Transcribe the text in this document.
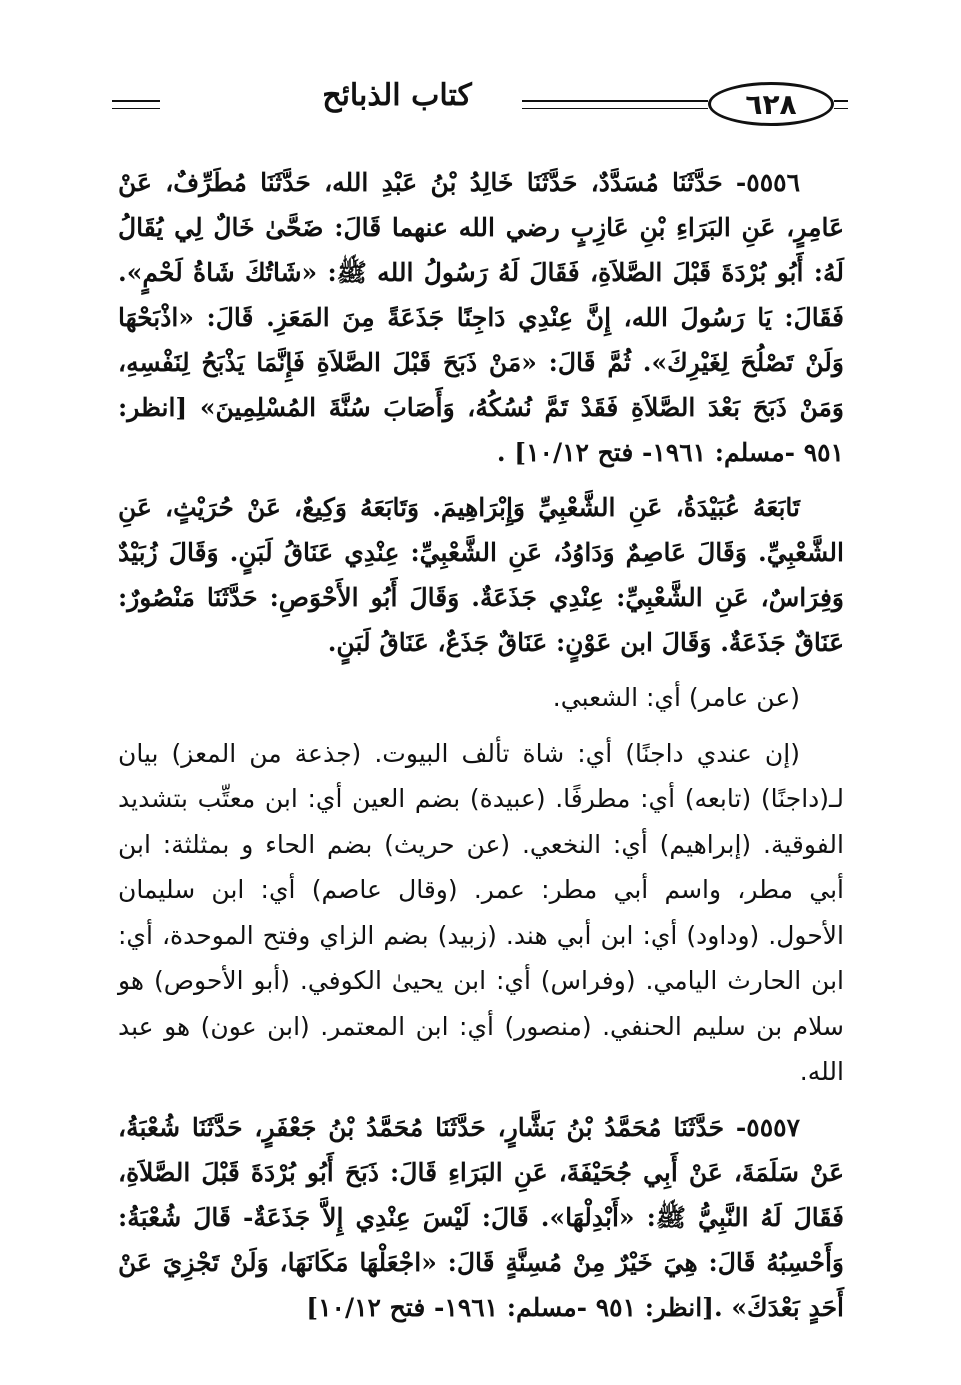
كتاب الذبائح	٦٢٨

٥٥٥٦- حَدَّثَنَا مُسَدَّدٌ، حَدَّثَنَا خَالِدُ بْنُ عَبْدِ الله، حَدَّثَنَا مُطَرِّفٌ، عَنْ عَامِرٍ، عَنِ البَرَاءِ بْنِ عَازِبٍ رضي الله عنهما قَالَ: ضَحَّىٰ خَالٌ لِي يُقَالُ لَهُ: أَبُو بُرْدَةَ قَبْلَ الصَّلاَةِ، فَقَالَ لَهُ رَسُولُ الله ﷺ: «شَاتُكَ شَاةُ لَحْمٍ». فَقَالَ: يَا رَسُولَ الله، إِنَّ عِنْدِي دَاجِنًا جَذَعَةً مِنَ المَعَزِ. قَالَ: «اذْبَحْهَا وَلَنْ تَصْلُحَ لِغَيْرِكَ». ثُمَّ قَالَ: «مَنْ ذَبَحَ قَبْلَ الصَّلاَةِ فَإِنَّمَا يَذْبَحُ لِنَفْسِهِ، وَمَنْ ذَبَحَ بَعْدَ الصَّلاَةِ فَقَدْ تَمَّ نُسُكُهُ، وَأَصَابَ سُنَّةَ المُسْلِمِينَ» [انظر: ٩٥١ -مسلم: ١٩٦١- فتح ١٠/١٢] .

تَابَعَهُ عُبَيْدَةُ، عَنِ الشَّعْبِيِّ وَإِبْرَاهِيمَ. وَتَابَعَهُ وَكِيعٌ، عَنْ حُرَيْثٍ، عَنِ الشَّعْبِيِّ. وَقَالَ عَاصِمٌ وَدَاوُدُ، عَنِ الشَّعْبِيِّ: عِنْدِي عَنَاقُ لَبَنٍ. وَقَالَ زُبَيْدٌ وَفِرَاسٌ، عَنِ الشَّعْبِيِّ: عِنْدِي جَذَعَةٌ. وَقَالَ أَبُو الأَحْوَصِ: حَدَّثَنَا مَنْصُورٌ: عَنَاقٌ جَذَعَةٌ. وَقَالَ ابن عَوْنٍ: عَنَاقٌ جَذَعٌ، عَنَاقُ لَبَنٍ.

(عن عامر) أي: الشعبي.

(إن عندي داجنًا) أي: شاة تألف البيوت. (جذعة من المعز) بيان لـ(داجنًا) (تابعه) أي: مطرفًا. (عبيدة) بضم العين أي: ابن معتِّب بتشديد الفوقية. (إبراهيم) أي: النخعي. (عن حريث) بضم الحاء و بمثلثة: ابن أبي مطر، واسم أبي مطر: عمر. (وقال عاصم) أي: ابن سليمان الأحول. (وداود) أي: ابن أبي هند. (زبيد) بضم الزاي وفتح الموحدة، أي: ابن الحارث اليامي. (وفراس) أي: ابن يحيىٰ الكوفي. (أبو الأحوص) هو سلام بن سليم الحنفي. (منصور) أي: ابن المعتمر. (ابن عون) هو عبد الله.

٥٥٥٧- حَدَّثَنَا مُحَمَّدُ بْنُ بَشَّارٍ، حَدَّثَنَا مُحَمَّدُ بْنُ جَعْفَرٍ، حَدَّثَنَا شُعْبَةُ، عَنْ سَلَمَةَ، عَنْ أَبِي جُحَيْفَةَ، عَنِ البَرَاءِ قَالَ: ذَبَحَ أَبُو بُرْدَةَ قَبْلَ الصَّلاَةِ، فَقَالَ لَهُ النَّبِيُّ ﷺ: «أَبْدِلْهَا». قَالَ: لَيْسَ عِنْدِي إِلاَّ جَذَعَةٌ- قَالَ شُعْبَةُ: وَأَحْسِبُهُ قَالَ: هِيَ خَيْرٌ مِنْ مُسِنَّةٍ قَالَ: «اجْعَلْهَا مَكَانَهَا، وَلَنْ تَجْزِيَ عَنْ أَحَدٍ بَعْدَكَ» .[انظر: ٩٥١ -مسلم: ١٩٦١- فتح ١٠/١٢]
